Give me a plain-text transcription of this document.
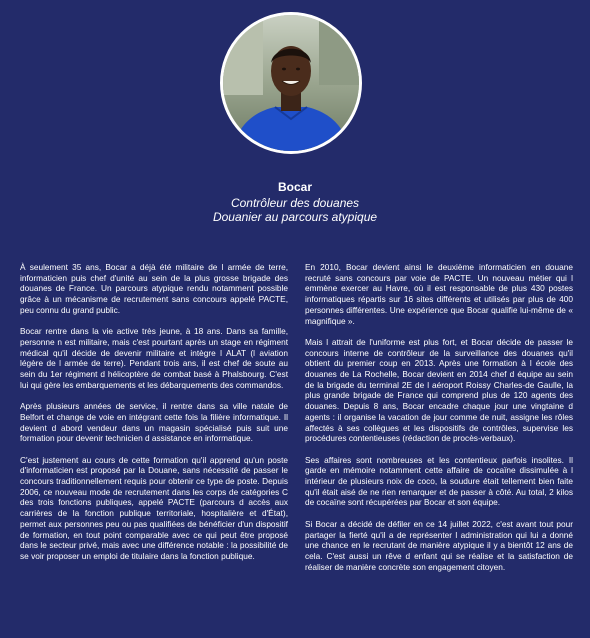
Bocar
Contrôleur des douanes
Douanier au parcours atypique

À seulement 35 ans, Bocar a déjà été militaire de l armée de terre, informaticien puis chef d'unité au sein de la plus grosse brigade des douanes de France. Un parcours atypique rendu notamment possible grâce à un mécanisme de recrutement sans concours appelé PACTE, peu connu du grand public.

Bocar rentre dans la vie active très jeune, à 18 ans. Dans sa famille, personne n est militaire, mais c'est pourtant après un stage en régiment médical qu'il décide de devenir militaire et intègre l ALAT (l aviation légère de l armée de terre). Pendant trois ans, il est chef de soute au sein du 1er régiment d hélicoptère de combat basé à Phalsbourg. C'est lui qui gère les embarquements et les débarquements des commandos.

Après plusieurs années de service, il rentre dans sa ville natale de Belfort et change de voie en intégrant cette fois la filière informatique. Il devient d abord vendeur dans un magasin spécialisé puis suit une formation pour devenir technicien d assistance en informatique.

C'est justement au cours de cette formation qu'il apprend qu'un poste d'informaticien est proposé par la Douane, sans nécessité de passer le concours traditionnellement requis pour obtenir ce type de poste. Depuis 2006, ce nouveau mode de recrutement dans les corps de catégories C des trois fonctions publiques, appelé PACTE (parcours d accès aux carrières de la fonction publique territoriale, hospitalière et d'État), permet aux personnes peu ou pas qualifiées de bénéficier d'un dispositif de formation, en tout point comparable avec ce qui peut être proposé dans le secteur privé, mais avec une différence notable : la possibilité de se voir proposer un emploi de titulaire dans la fonction publique.

En 2010, Bocar devient ainsi le deuxième informaticien en douane recruté sans concours par voie de PACTE. Un nouveau métier qui l emmène exercer au Havre, où il est responsable de plus 430 postes informatiques répartis sur 16 sites différents et utilisés par plus de 400 personnes différentes. Une expérience que Bocar qualifie lui-même de « magnifique ».

Mais l attrait de l'uniforme est plus fort, et Bocar décide de passer le concours interne de contrôleur de la surveillance des douanes qu'il obtient du premier coup en 2013. Après une formation à l école des douanes de La Rochelle, Bocar devient en 2014 chef d équipe au sein de la brigade du terminal 2E de l aéroport Roissy Charles-de Gaulle, la plus grande brigade de France qui comprend plus de 120 agents des douanes. Depuis 8 ans, Bocar encadre chaque jour une vingtaine d agents : il organise la vacation de jour comme de nuit, assigne les rôles affectés à ses collègues et les dispositifs de contrôles, supervise les procédures contentieuses (rédaction de procès-verbaux).

Ses affaires sont nombreuses et les contentieux parfois insolites. Il garde en mémoire notamment cette affaire de cocaïne dissimulée à l intérieur de plusieurs noix de coco, la soudure était tellement bien faite qu'il était aisé de ne rien remarquer et de passer à côté. Au total, 2 kilos de cocaïne sont récupérées par Bocar et son équipe.

Si Bocar a décidé de défiler en ce 14 juillet 2022, c'est avant tout pour partager la fierté qu'il a de représenter l administration qui lui a donné une chance en le recrutant de manière atypique il y a bientôt 12 ans de cela. C'est aussi un rêve d enfant qui se réalise et la satisfaction de réaliser de manière concrète son engagement citoyen.
